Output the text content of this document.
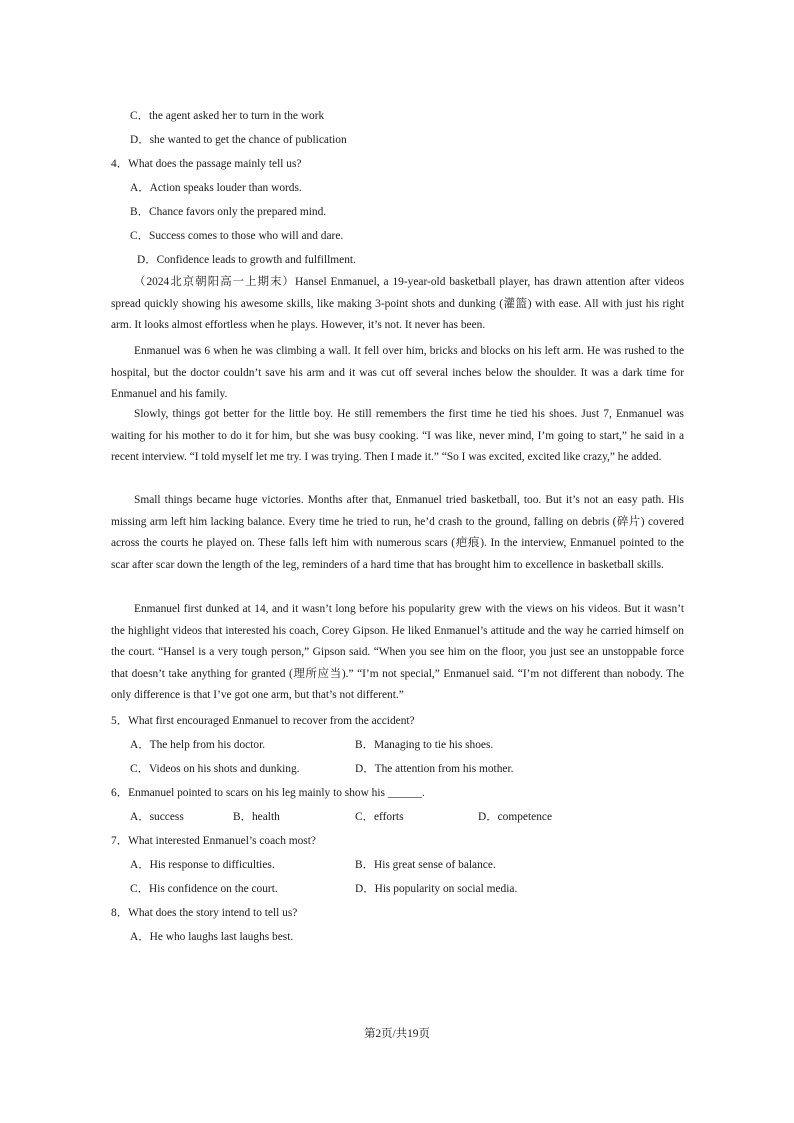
C．the agent asked her to turn in the work
D．she wanted to get the chance of publication
4．What does the passage mainly tell us?
A．Action speaks louder than words.
B．Chance favors only the prepared mind.
C．Success comes to those who will and dare.
D．Confidence leads to growth and fulfillment.
（2024北京朝阳高一上期末）Hansel Enmanuel, a 19-year-old basketball player, has drawn attention after videos spread quickly showing his awesome skills, like making 3-point shots and dunking (灌篮) with ease. All with just his right arm. It looks almost effortless when he plays. However, it’s not. It never has been.
Enmanuel was 6 when he was climbing a wall. It fell over him, bricks and blocks on his left arm. He was rushed to the hospital, but the doctor couldn’t save his arm and it was cut off several inches below the shoulder. It was a dark time for Enmanuel and his family.
Slowly, things got better for the little boy. He still remembers the first time he tied his shoes. Just 7, Enmanuel was waiting for his mother to do it for him, but she was busy cooking. “I was like, never mind, I’m going to start,” he said in a recent interview. “I told myself let me try. I was trying. Then I made it.” “So I was excited, excited like crazy,” he added.
Small things became huge victories. Months after that, Enmanuel tried basketball, too. But it’s not an easy path. His missing arm left him lacking balance. Every time he tried to run, he’d crash to the ground, falling on debris (碎片) covered across the courts he played on. These falls left him with numerous scars (疤痕). In the interview, Enmanuel pointed to the scar after scar down the length of the leg, reminders of a hard time that has brought him to excellence in basketball skills.
Enmanuel first dunked at 14, and it wasn’t long before his popularity grew with the views on his videos. But it wasn’t the highlight videos that interested his coach, Corey Gipson. He liked Enmanuel’s attitude and the way he carried himself on the court. “Hansel is a very tough person,” Gipson said. “When you see him on the floor, you just see an unstoppable force that doesn’t take anything for granted (理所应当).” “I’m not special,” Enmanuel said. “I’m not different than nobody. The only difference is that I’ve got one arm, but that’s not different.”
5．What first encouraged Enmanuel to recover from the accident?
A．The help from his doctor.	B．Managing to tie his shoes.
C．Videos on his shots and dunking.	D．The attention from his mother.
6．Enmanuel pointed to scars on his leg mainly to show his ______.
A．success	B．health	C．efforts	D．competence
7．What interested Enmanuel’s coach most?
A．His response to difficulties.	B．His great sense of balance.
C．His confidence on the court.	D．His popularity on social media.
8．What does the story intend to tell us?
A．He who laughs last laughs best.
第2页/共19页
